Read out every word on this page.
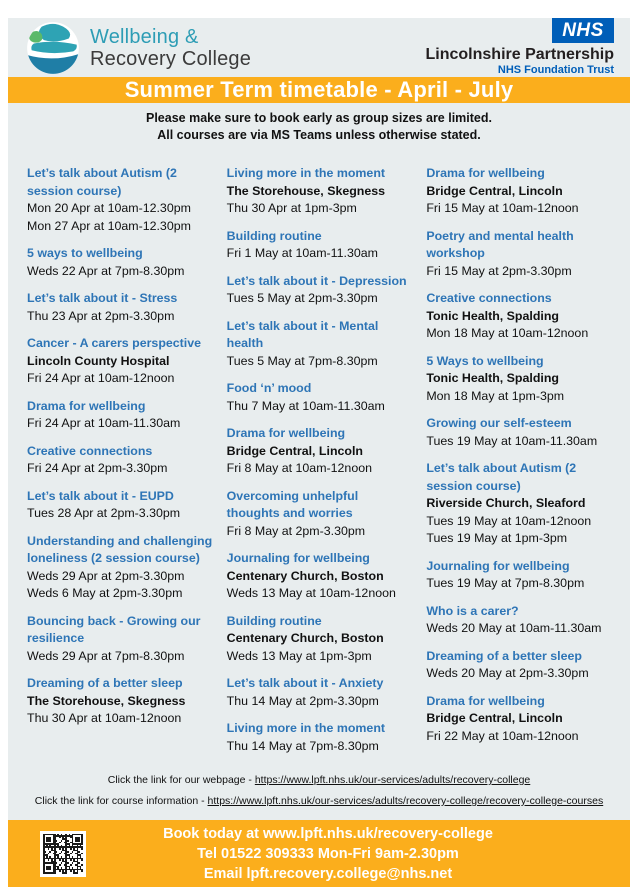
Wellbeing &
Recovery College
NHS
Lincolnshire Partnership
NHS Foundation Trust
Summer Term timetable - April - July
Please make sure to book early as group sizes are limited.
All courses are via MS Teams unless otherwise stated.
Let’s talk about Autism (2 session course)
Mon 20 Apr at 10am-12.30pm
Mon 27 Apr at 10am-12.30pm
5 ways to wellbeing
Weds 22 Apr at 7pm-8.30pm
Let’s talk about it - Stress
Thu 23 Apr at 2pm-3.30pm
Cancer - A carers perspective
Lincoln County Hospital
Fri 24 Apr at 10am-12noon
Drama for wellbeing
Fri 24 Apr at 10am-11.30am
Creative connections
Fri 24 Apr at 2pm-3.30pm
Let’s talk about it - EUPD
Tues 28 Apr at 2pm-3.30pm
Understanding and challenging loneliness (2 session course)
Weds 29 Apr at 2pm-3.30pm
Weds 6 May at 2pm-3.30pm
Bouncing back - Growing our resilience
Weds 29 Apr at 7pm-8.30pm
Dreaming of a better sleep
The Storehouse, Skegness
Thu 30 Apr at 10am-12noon
Living more in the moment
The Storehouse, Skegness
Thu 30 Apr at 1pm-3pm
Building routine
Fri 1 May at 10am-11.30am
Let’s talk about it - Depression
Tues 5 May at 2pm-3.30pm
Let’s talk about it - Mental health
Tues 5 May at 7pm-8.30pm
Food ‘n’ mood
Thu 7 May at 10am-11.30am
Drama for wellbeing
Bridge Central, Lincoln
Fri 8 May at 10am-12noon
Overcoming unhelpful thoughts and worries
Fri 8 May at 2pm-3.30pm
Journaling for wellbeing
Centenary Church, Boston
Weds 13 May at 10am-12noon
Building routine
Centenary Church, Boston
Weds 13 May at 1pm-3pm
Let’s talk about it - Anxiety
Thu 14 May at 2pm-3.30pm
Living more in the moment
Thu 14 May at 7pm-8.30pm
Drama for wellbeing
Bridge Central, Lincoln
Fri 15 May at 10am-12noon
Poetry and mental health workshop
Fri 15 May at 2pm-3.30pm
Creative connections
Tonic Health, Spalding
Mon 18 May at 10am-12noon
5 Ways to wellbeing
Tonic Health, Spalding
Mon 18 May at 1pm-3pm
Growing our self-esteem
Tues 19 May at 10am-11.30am
Let’s talk about Autism (2 session course)
Riverside Church, Sleaford
Tues 19 May at 10am-12noon
Tues 19 May at 1pm-3pm
Journaling for wellbeing
Tues 19 May at 7pm-8.30pm
Who is a carer?
Weds 20 May at 10am-11.30am
Dreaming of a better sleep
Weds 20 May at 2pm-3.30pm
Drama for wellbeing
Bridge Central, Lincoln
Fri 22 May at 10am-12noon
Click the link for our webpage - https://www.lpft.nhs.uk/our-services/adults/recovery-college
Click the link for course information - https://www.lpft.nhs.uk/our-services/adults/recovery-college/recovery-college-courses
Book today at www.lpft.nhs.uk/recovery-college
Tel 01522 309333 Mon-Fri 9am-2.30pm
Email lpft.recovery.college@nhs.net
